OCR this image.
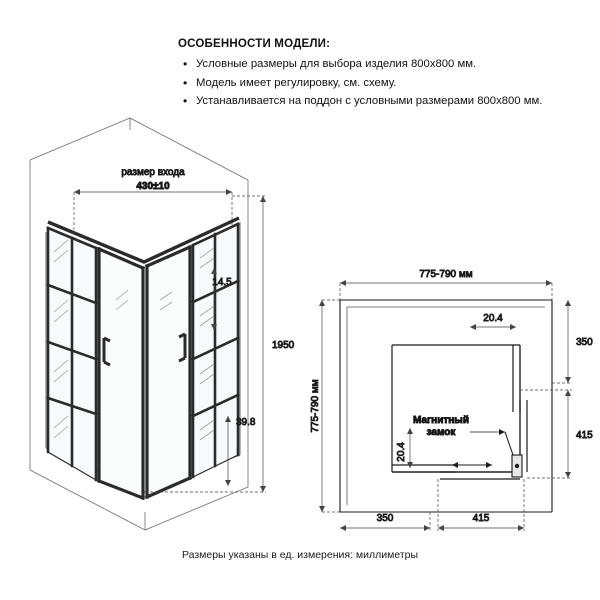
ОСОБЕННОСТИ МОДЕЛИ:
• Условные размеры для выбора изделия 800x800 мм.
• Модель имеет регулировку, см. схему.
• Устанавливается на поддон с условными размерами 800x800 мм.
размер входа
430±10
14.5
1950
39.8
775-790 мм
775-790 мм
20.4
20.4
350
415
350	415
Магнитный
замок
Размеры указаны в ед. измерения: миллиметры
